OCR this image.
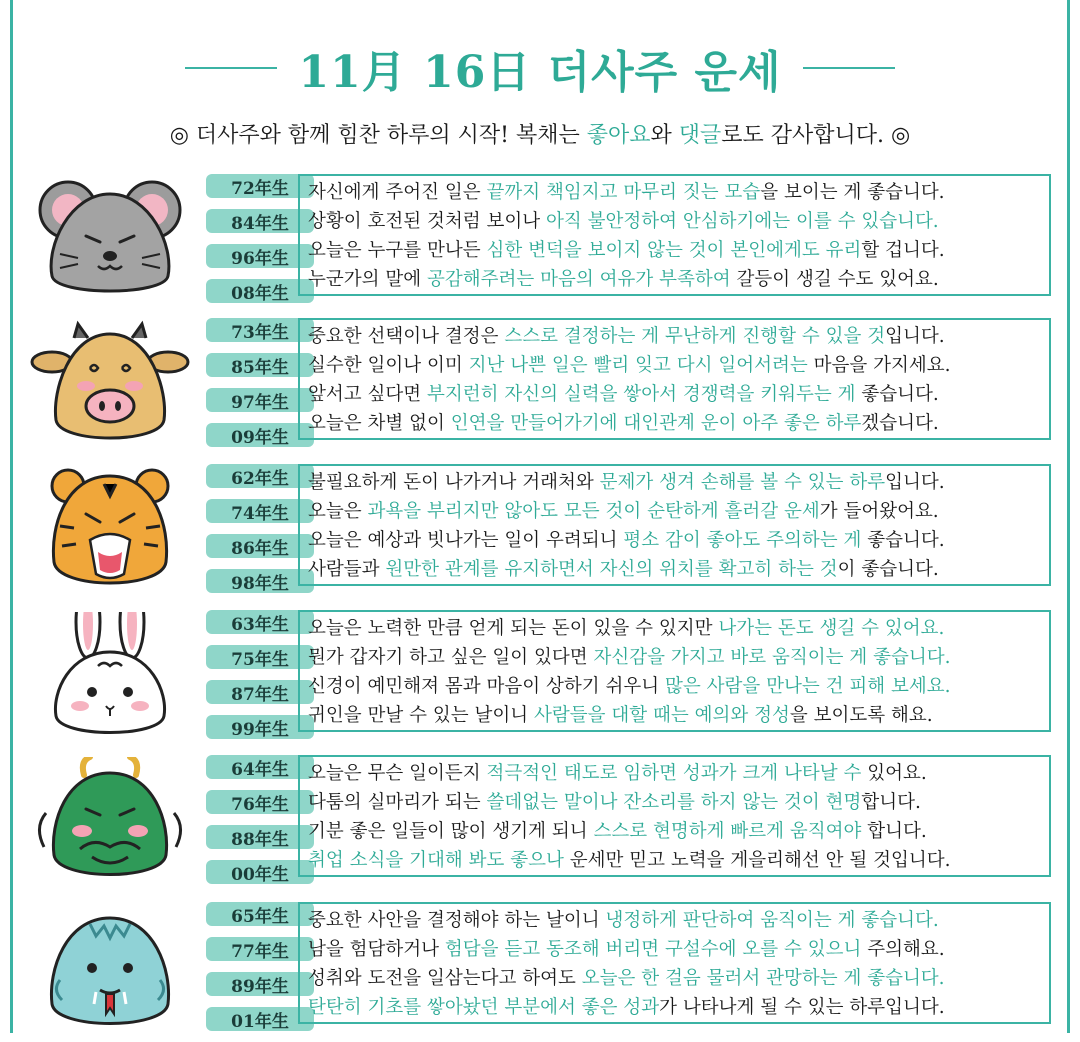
11月 16日 더사주 운세
◎ 더사주와 함께 힘찬 하루의 시작! 복채는 좋아요와 댓글로도 감사합니다. ◎
72年生
84年生
96年生
08年生
자신에게 주어진 일은 끝까지 책임지고 마무리 짓는 모습을 보이는 게 좋습니다.
상황이 호전된 것처럼 보이나 아직 불안정하여 안심하기에는 이를 수 있습니다.
오늘은 누구를 만나든 심한 변덕을 보이지 않는 것이 본인에게도 유리할 겁니다.
누군가의 말에 공감해주려는 마음의 여유가 부족하여 갈등이 생길 수도 있어요.
73年生
85年生
97年生
09年生
중요한 선택이나 결정은 스스로 결정하는 게 무난하게 진행할 수 있을 것입니다.
실수한 일이나 이미 지난 나쁜 일은 빨리 잊고 다시 일어서려는 마음을 가지세요.
앞서고 싶다면 부지런히 자신의 실력을 쌓아서 경쟁력을 키워두는 게 좋습니다.
오늘은 차별 없이 인연을 만들어가기에 대인관계 운이 아주 좋은 하루겠습니다.
62年生
74年生
86年生
98年生
불필요하게 돈이 나가거나 거래처와 문제가 생겨 손해를 볼 수 있는 하루입니다.
오늘은 과욕을 부리지만 않아도 모든 것이 순탄하게 흘러갈 운세가 들어왔어요.
오늘은 예상과 빗나가는 일이 우려되니 평소 감이 좋아도 주의하는 게 좋습니다.
사람들과 원만한 관계를 유지하면서 자신의 위치를 확고히 하는 것이 좋습니다.
63年生
75年生
87年生
99年生
오늘은 노력한 만큼 얻게 되는 돈이 있을 수 있지만 나가는 돈도 생길 수 있어요.
뭔가 갑자기 하고 싶은 일이 있다면 자신감을 가지고 바로 움직이는 게 좋습니다.
신경이 예민해져 몸과 마음이 상하기 쉬우니 많은 사람을 만나는 건 피해 보세요.
귀인을 만날 수 있는 날이니 사람들을 대할 때는 예의와 정성을 보이도록 해요.
64年生
76年生
88年生
00年生
오늘은 무슨 일이든지 적극적인 태도로 임하면 성과가 크게 나타날 수 있어요.
다툼의 실마리가 되는 쓸데없는 말이나 잔소리를 하지 않는 것이 현명합니다.
기분 좋은 일들이 많이 생기게 되니 스스로 현명하게 빠르게 움직여야 합니다.
취업 소식을 기대해 봐도 좋으나 운세만 믿고 노력을 게을리해선 안 될 것입니다.
65年生
77年生
89年生
01年生
중요한 사안을 결정해야 하는 날이니 냉정하게 판단하여 움직이는 게 좋습니다.
남을 험담하거나 험담을 듣고 동조해 버리면 구설수에 오를 수 있으니 주의해요.
성취와 도전을 일삼는다고 하여도 오늘은 한 걸음 물러서 관망하는 게 좋습니다.
탄탄히 기초를 쌓아놨던 부분에서 좋은 성과가 나타나게 될 수 있는 하루입니다.
